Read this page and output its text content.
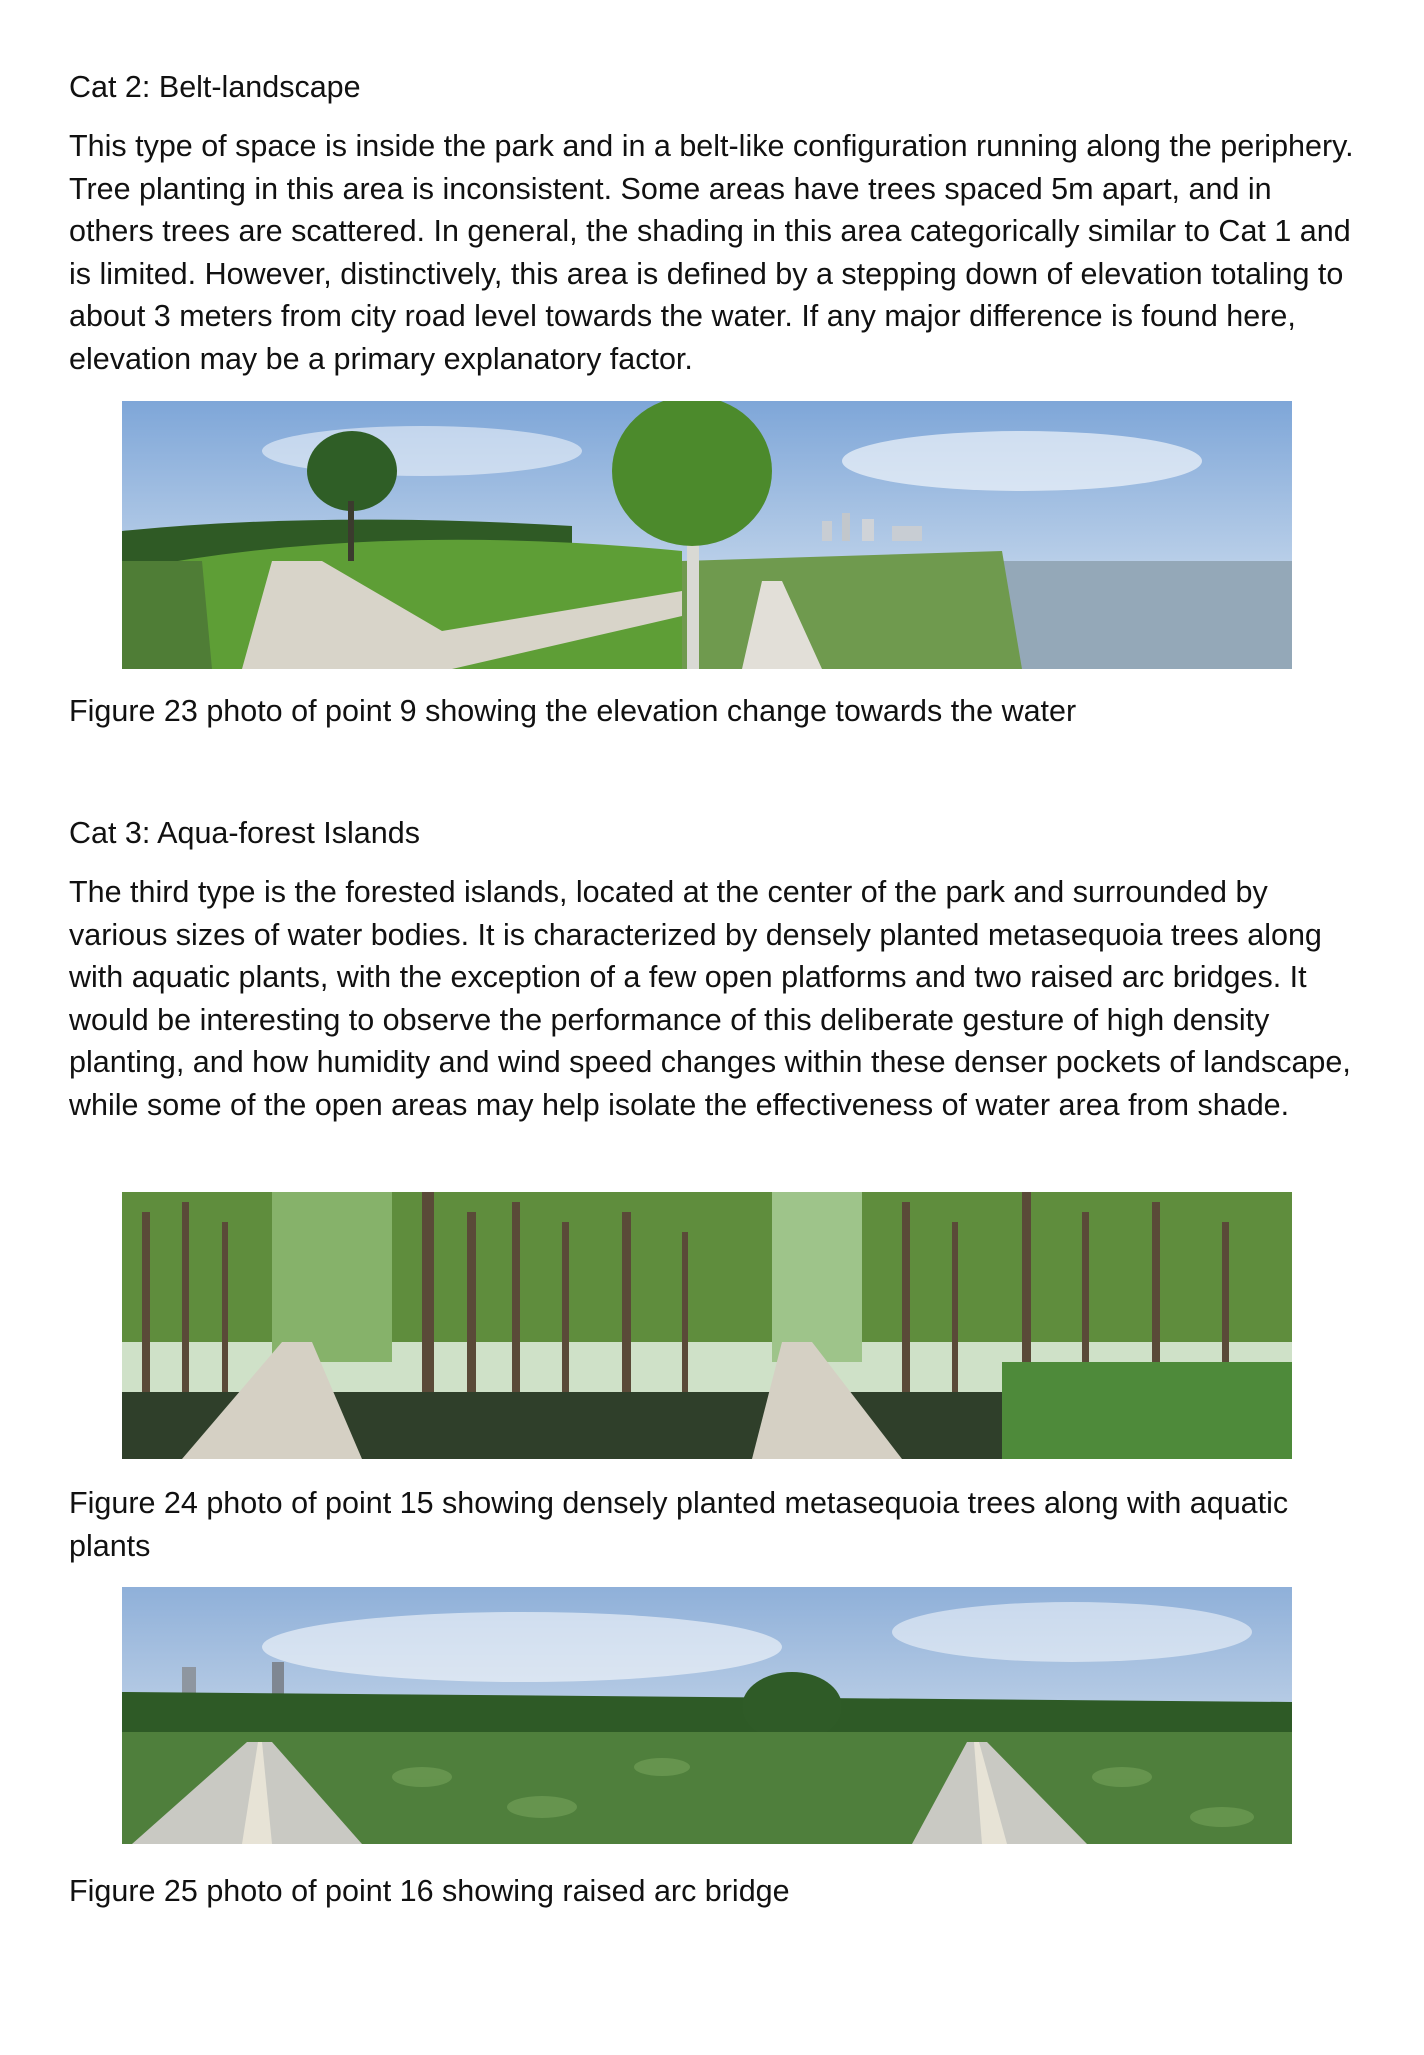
Cat 2: Belt-landscape
This type of space is inside the park and in a belt-like configuration running along the periphery. Tree planting in this area is inconsistent. Some areas have trees spaced 5m apart, and in others trees are scattered. In general, the shading in this area categorically similar to Cat 1 and is limited. However, distinctively, this area is defined by a stepping down of elevation totaling to about 3 meters from city road level towards the water. If any major difference is found here, elevation may be a primary explanatory factor.
Figure 23 photo of point 9 showing the elevation change towards the water
Cat 3: Aqua-forest Islands
The third type is the forested islands, located at the center of the park and surrounded by various sizes of water bodies. It is characterized by densely planted metasequoia trees along with aquatic plants, with the exception of a few open platforms and two raised arc bridges. It would be interesting to observe the performance of this deliberate gesture of high density planting, and how humidity and wind speed changes within these denser pockets of landscape, while some of the open areas may help isolate the effectiveness of water area from shade.
Figure 24 photo of point 15 showing densely planted metasequoia trees along with aquatic plants
Figure 25 photo of point 16 showing raised arc bridge
